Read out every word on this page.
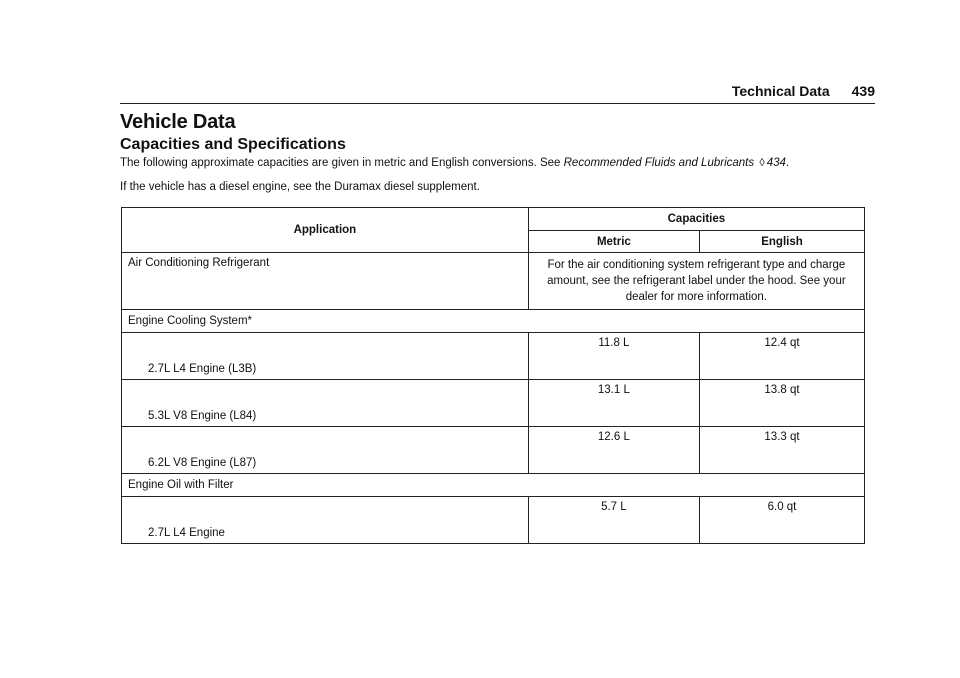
Technical Data 439
Vehicle Data
Capacities and Specifications
The following approximate capacities are given in metric and English conversions. See Recommended Fluids and Lubricants ◊ 434.
If the vehicle has a diesel engine, see the Duramax diesel supplement.
Application	Capacities	
	Metric	English
Air Conditioning Refrigerant	For the air conditioning system refrigerant type and charge amount, see the refrigerant label under the hood. See your dealer for more information.	
Engine Cooling System*		
2.7L L4 Engine (L3B)	11.8 L	12.4 qt
5.3L V8 Engine (L84)	13.1 L	13.8 qt
6.2L V8 Engine (L87)	12.6 L	13.3 qt
Engine Oil with Filter		
2.7L L4 Engine	5.7 L	6.0 qt
